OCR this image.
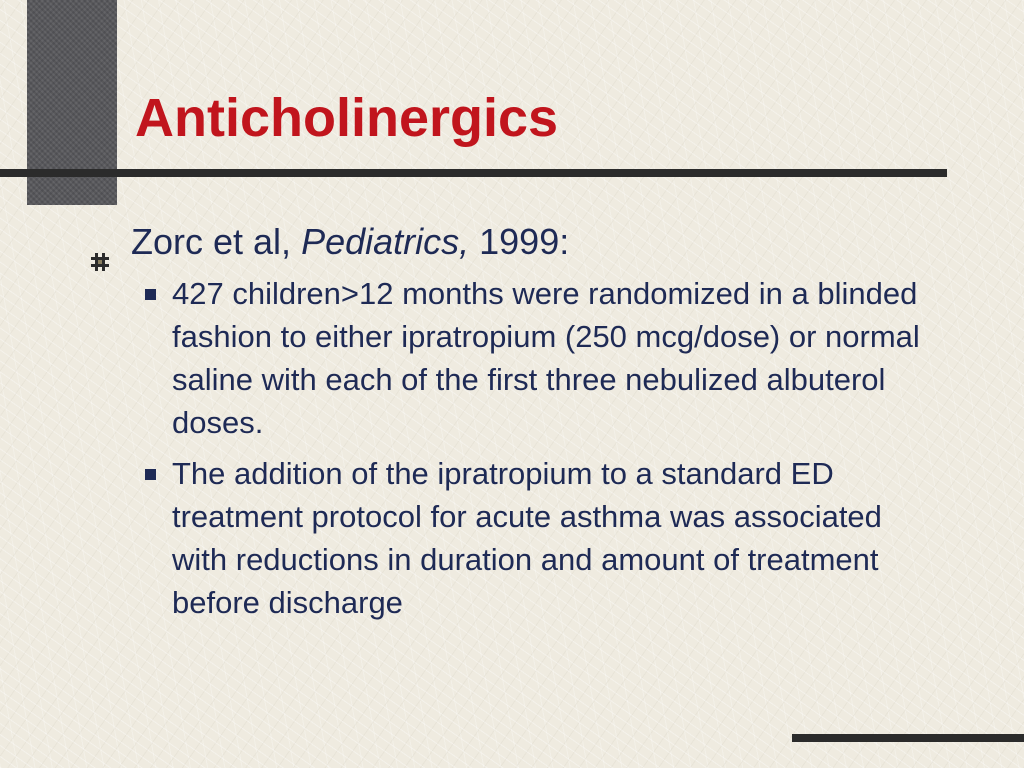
Anticholinergics
Zorc et al, Pediatrics, 1999:
427 children>12 months were randomized in a blinded fashion to either ipratropium (250 mcg/dose) or normal saline with each of the first three nebulized albuterol doses.
The addition of the ipratropium to a standard ED treatment protocol for acute asthma was associated with reductions in duration and amount of treatment before discharge
